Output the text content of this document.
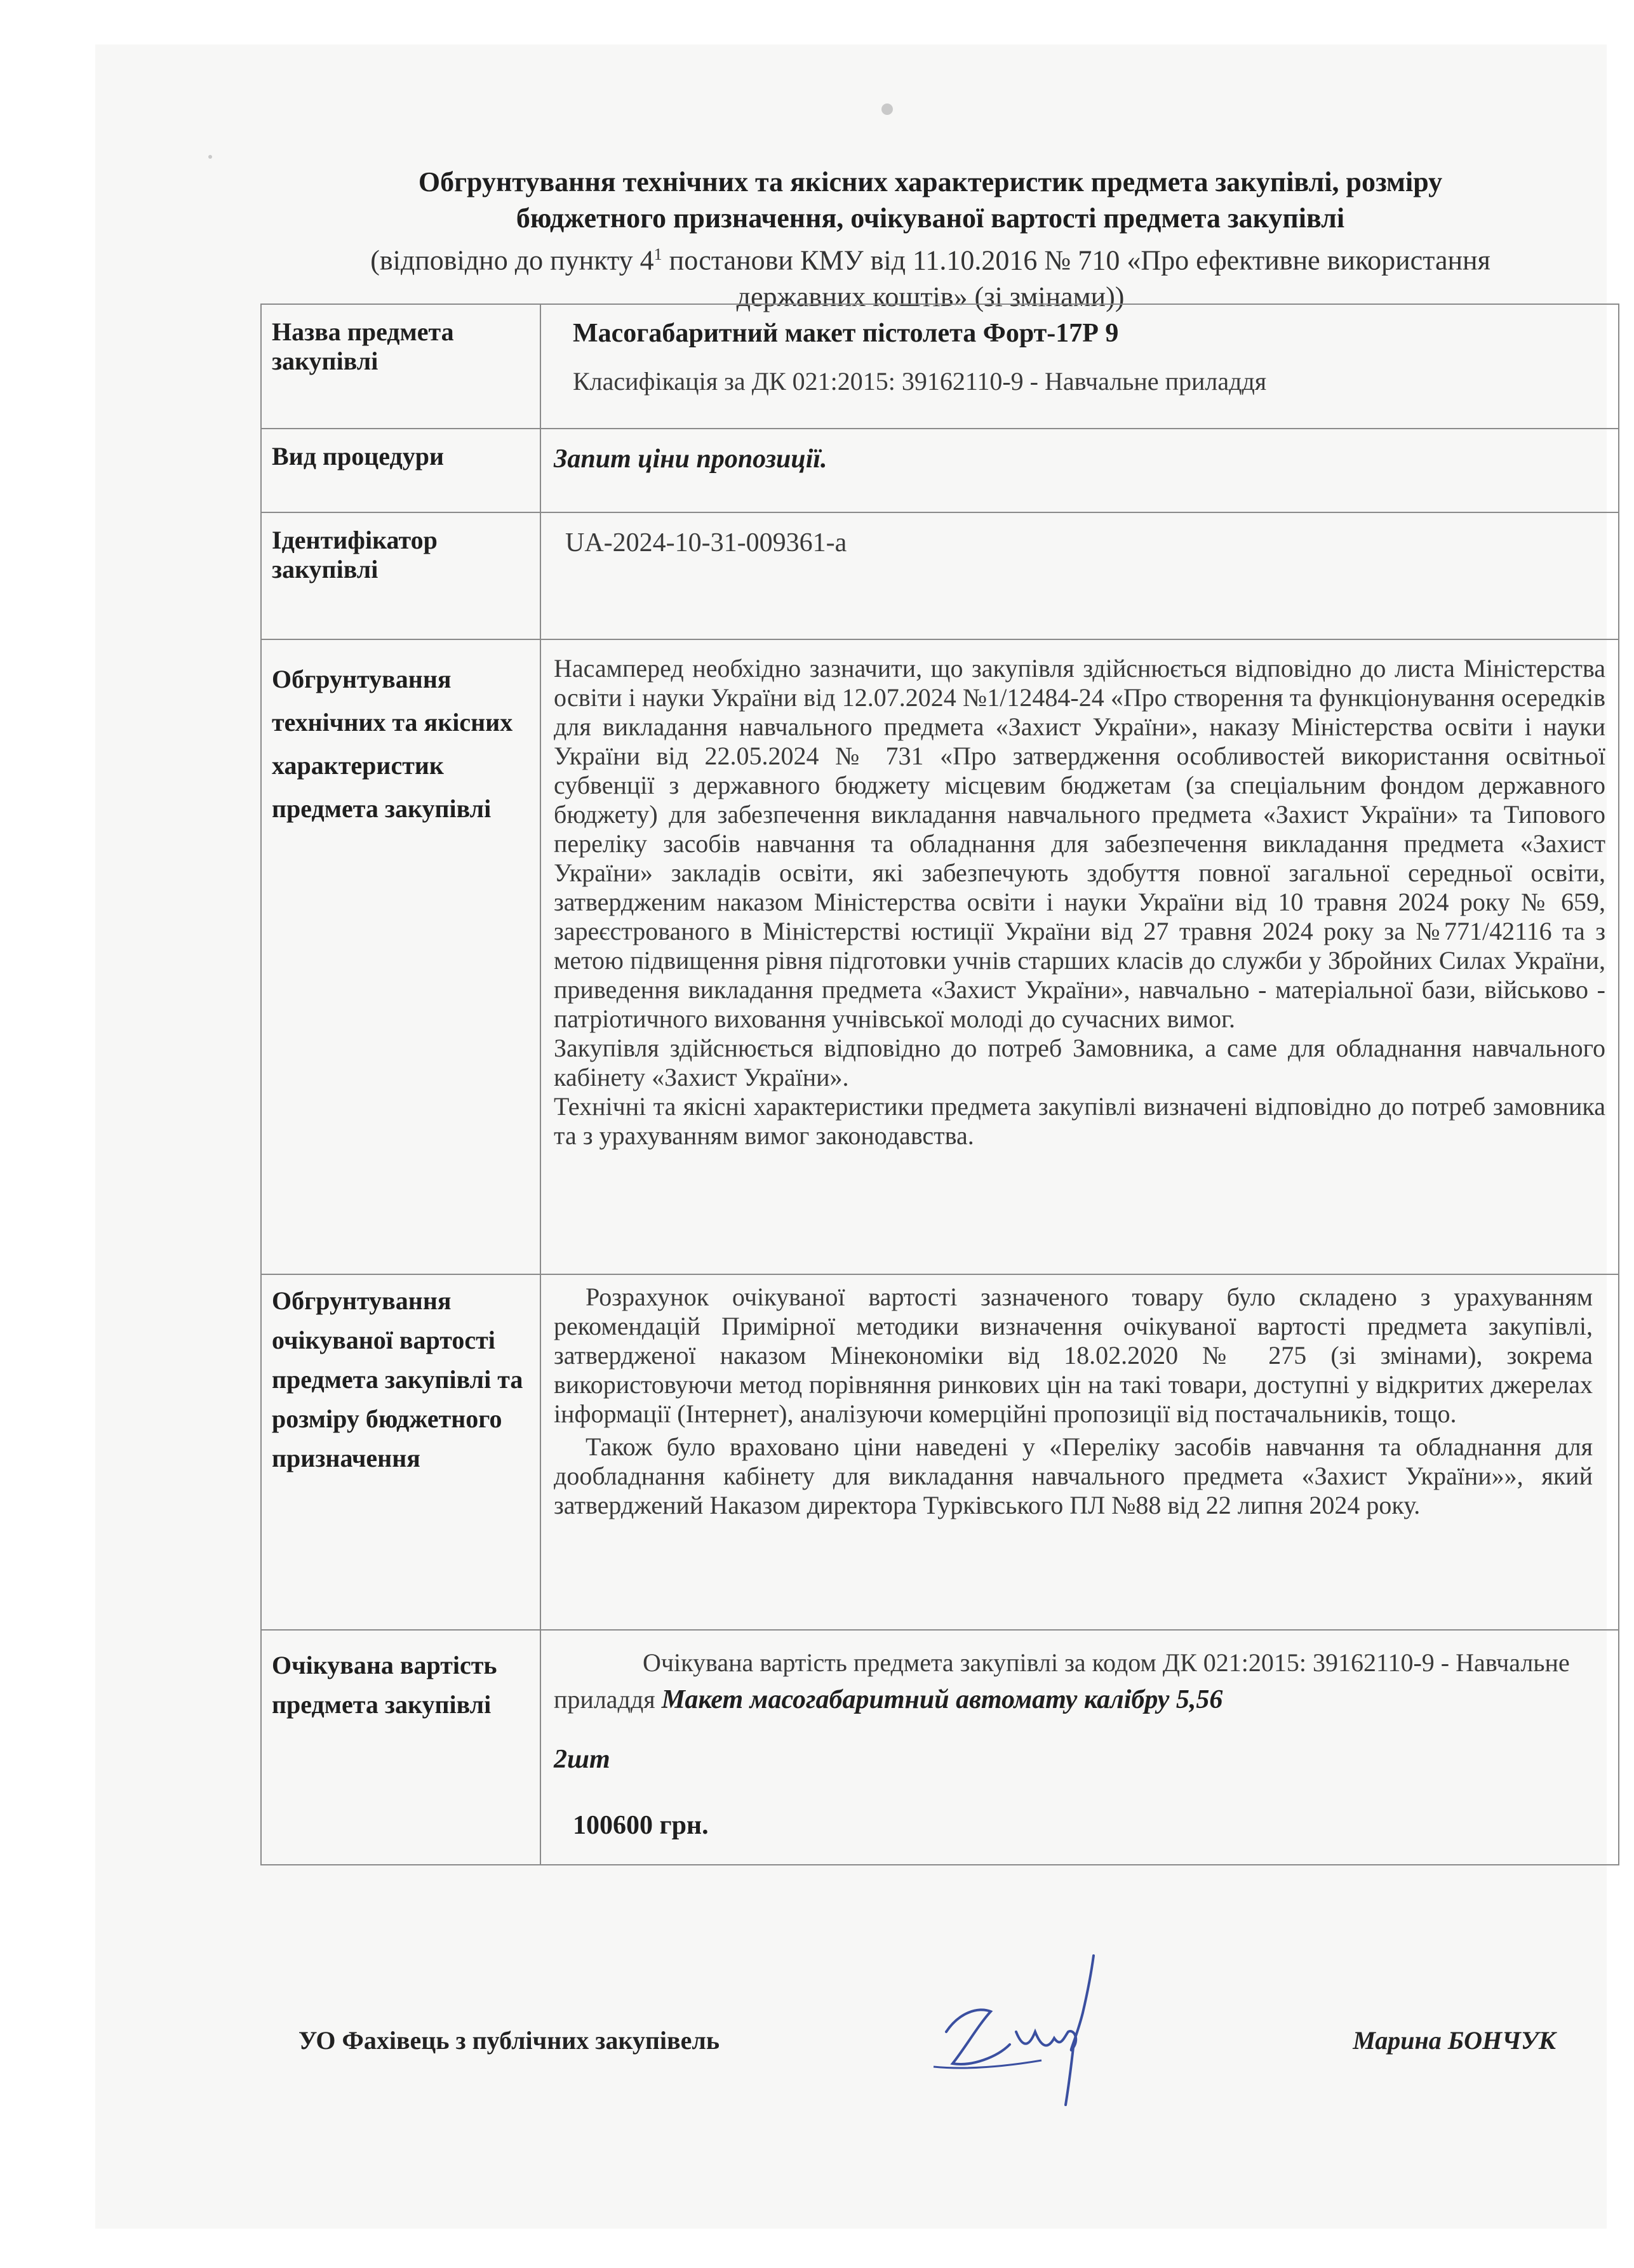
Обгрунтування технічних та якісних характеристик предмета закупівлі, розміру
бюджетного призначення, очікуваної вартості предмета закупівлі
(відповідно до пункту $4^1$ постанови КМУ від 11.10.2016 № 710 «Про ефективне використання
державних коштів» (зі змінами))
Назва предмета закупівлі	Масогабаритний макет пістолета Форт-17Р 9
Класифікація за ДК 021:2015: 39162110-9 - Навчальне приладдя

Вид процедури	Запит ціни пропозиції.

Ідентифікатор закупівлі	UA-2024-10-31-009361-a

Обгрунтування технічних та якісних характеристик предмета закупівлі	Насамперед необхідно зазначити, що закупівля здійснюється відповідно до листа Міністерства освіти і науки України від 12.07.2024 №1/12484-24 «Про створення та функціонування осередків для викладання навчального предмета «Захист України», наказу Міністерства освіти і науки України від 22.05.2024 № 731 «Про затвердження особливостей використання освітньої субвенції з державного бюджету місцевим бюджетам (за спеціальним фондом державного бюджету) для забезпечення викладання навчального предмета «Захист України» та Типового переліку засобів навчання та обладнання для забезпечення викладання предмета «Захист України» закладів освіти, які забезпечують здобуття повної загальної середньої освіти, затвердженим наказом Міністерства освіти і науки України від 10 травня 2024 року № 659, зареєстрованого в Міністерстві юстиції України від 27 травня 2024 року за №771/42116 та з метою підвищення рівня підготовки учнів старших класів до служби у Збройних Силах України, приведення викладання предмета «Захист України», навчально - матеріальної бази, військово - патріотичного виховання учнівської молоді до сучасних вимог.
Закупівля здійснюється відповідно до потреб Замовника, а саме для обладнання навчального кабінету «Захист України».
Технічні та якісні характеристики предмета закупівлі визначені відповідно до потреб замовника та з урахуванням вимог законодавства.

Обгрунтування очікуваної вартості предмета закупівлі та розміру бюджетного призначення	Розрахунок очікуваної вартості зазначеного товару було складено з урахуванням рекомендацій Примірної методики визначення очікуваної вартості предмета закупівлі, затвердженої наказом Мінекономіки від 18.02.2020 № 275 (зі змінами), зокрема використовуючи метод порівняння ринкових цін на такі товари, доступні у відкритих джерелах інформації (Інтернет), аналізуючи комерційні пропозиції від постачальників, тощо.
Також було враховано ціни наведені у «Переліку засобів навчання та обладнання для дообладнання кабінету для викладання навчального предмета «Захист України»», який затверджений Наказом директора Турківського ПЛ №88 від 22 липня 2024 року.

Очікувана вартість предмета закупівлі	Очікувана вартість предмета закупівлі за кодом ДК 021:2015: 39162110-9 - Навчальне приладдя Макет масогабаритний автомату калібру 5,56
2шт
100600 грн.
УО Фахівець з публічних закупівель	Марина БОНЧУК
